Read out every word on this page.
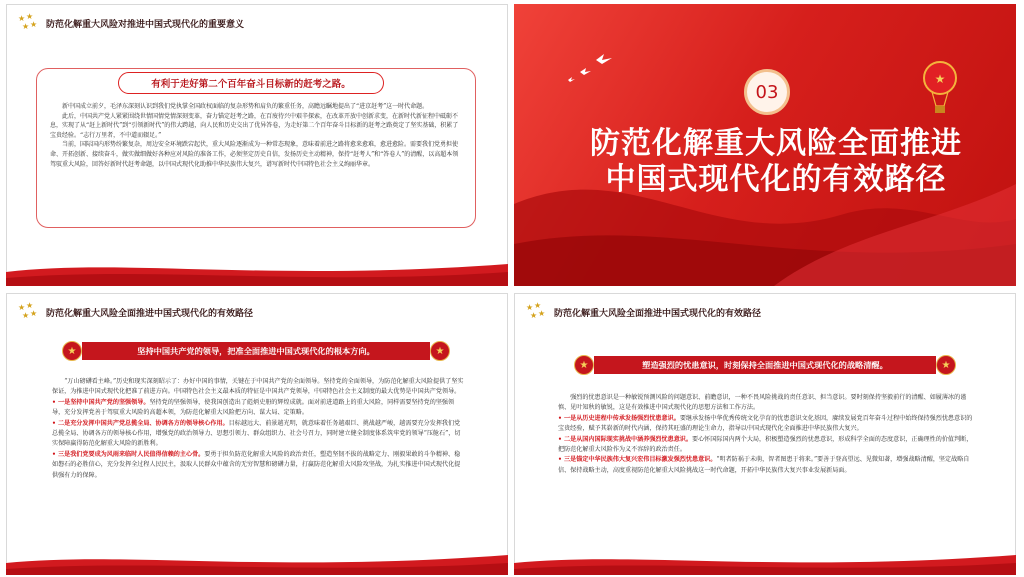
★ ★
★
★ 防范化解重大风险对推进中国式现代化的重要意义
有利于走好第二个百年奋斗目标新的赶考之路。

新中国成立前夕，毛泽东深刻认识到我们党执掌全国政权面临的复杂形势和肩负的繁重任务，高瞻远瞩地提出了“进京赶考”这一时代命题。

此后，中国共产党人紧紧围绕世情国情党情深刻变革，奋力锚定赶考之路，在百废待兴中艰辛探索，在改革开放中创新求变，在新时代新征程中砥砺不息，实现了从“赶上新时代”到“引领新时代”的伟大跨越，向人民和历史交出了优异答卷，为走好第二个百年奋斗目标新的赶考之路奠定了坚实基础，积累了宝贵经验。“志行万里者，不中道而辍足。”

当前，国际国内形势纷繁复杂，周边安全环境跌宕起伏，重大风险逐渐成为一种常态现象，意味着前进之路将愈来愈难，愈进愈险。需要我们党勇担使命、开拓创新、接续奋斗，做实做细做好各种应对风险的准备工作，必须坚定历史自信，发扬历史主动精神，保持“赶考人”和“答卷人”的清醒，以高超本领驾驭重大风险，回答好新时代赶考命题，以中国式现代化助推中华民族伟大复兴，谱写新时代中国特色社会主义绚丽华章。

03
★
防范化解重大风险全面推进
中国式现代化的有效路径
★ ★
★
★ 防范化解重大风险全面推进中国式现代化的有效路径
★	坚持中国共产党的领导，把准全面推进中国式现代化的根本方向。	★

“万山磅礴看主峰。”历史和现实深刻昭示了：办好中国的事情，关键在于中国共产党的全面领导。坚持党的全面领导，为防范化解重大风险提供了坚实保证，为推进中国式现代化把准了前进方向。中国特色社会主义最本质的特征是中国共产党领导，中国特色社会主义制度的最大优势是中国共产党领导。

• 一是坚持中国共产党的坚强领导。坚持党的坚强领导，使我国创造出了彪炳史册的辉煌成就。面对前进道路上的重大风险，同样需要坚持党的坚强领导，充分发挥党善于驾驭重大风险的高超本领，为防范化解重大风险把方向、谋大局、定策略。

• 二是充分发挥中国共产党总揽全局、协调各方的领导核心作用。目标越远大、前景越光明，就意味着任务越艰巨、挑战越严峻，越需要充分发挥我们党总揽全局、协调各方的领导核心作用，增强党的政治领导力、思想引领力、群众组织力、社会号召力，同时建立健全制度体系筑牢党的领导“压舱石”，切实保障赢得防范化解重大风险的新胜利。

• 三是我们党要成为风雨来临时人民值得信赖的主心骨。要勇于担负防范化解重大风险的政治责任，塑造坚韧不拔的战略定力、刚毅果敢的斗争精神、稳如磐石的必胜信心，充分发挥全过程人民民主，汲取人民群众中蕴含的无穷智慧和磅礴力量，打赢防范化解重大风险攻坚战，为扎实推进中国式现代化提供强有力的保障。

★ ★
★
★ 防范化解重大风险全面推进中国式现代化的有效路径
★	塑造强烈的忧患意识，时刻保持全面推进中国式现代化的战略清醒。	★

强烈的忧患意识是一种敏锐预测风险的问题意识、前瞻意识，一种不畏风险挑战的责任意识、担当意识。要时刻保持坚毅前行的清醒、如履薄冰的谨慎、见叶知秋的敏锐，这是有效推进中国式现代化的思想方法和工作方法。

• 一是从历史进程中传承发扬强烈忧患意识。要继承发扬中华优秀传统文化孕育的忧患意识文化基因，赓续发展党百年奋斗过程中始终保持强烈忧患意识的宝贵经验，赋予其崭新的时代内涵，保持其旺盛的理论生命力，指导以中国式现代化全面推进中华民族伟大复兴。

• 二是从国内国际现实挑战中涵养强烈忧患意识。要心怀国际国内两个大局，积极塑造强烈的忧患意识，形成科学全面的态度意识，正确理性的价值判断，把防范化解重大风险作为义不容辞的政治责任。

• 三是锚定中华民族伟大复兴宏伟目标激发强烈忧患意识。“明者防祸于未萌，智者图患于将来。”要善于登高望远、见微知著，增强战略清醒，坚定战略自信、保持战略主动，高度重视防范化解重大风险挑战这一时代命题，开拓中华民族伟大复兴事业发展新局面。
